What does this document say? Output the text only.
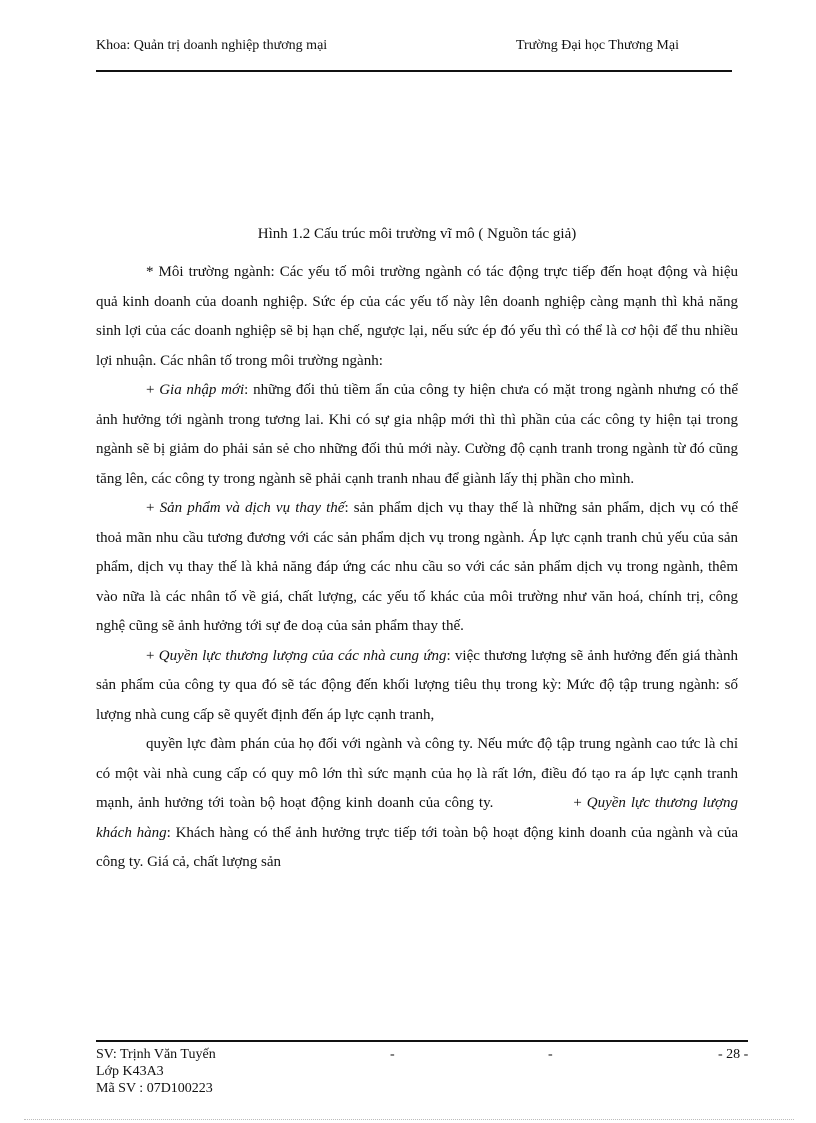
Khoa: Quản trị doanh nghiệp thương mại	Trường Đại học Thương Mại
Hình 1.2 Cấu trúc môi trường vĩ mô ( Nguồn tác giả)

* Môi trường ngành: Các yếu tố môi trường ngành có tác động trực tiếp đến hoạt động và hiệu quả kinh doanh của doanh nghiệp. Sức ép của các yếu tố này lên doanh nghiệp càng mạnh thì khả năng sinh lợi của các doanh nghiệp sẽ bị hạn chế, ngược lại, nếu sức ép đó yếu thì có thể là cơ hội để thu nhiều lợi nhuận. Các nhân tố trong môi trường ngành:

+ Gia nhập mới: những đối thủ tiềm ẩn của công ty hiện chưa có mặt trong ngành nhưng có thể ảnh hưởng tới ngành trong tương lai. Khi có sự gia nhập mới thì thì phần của các công ty hiện tại trong ngành sẽ bị giảm do phải sản sẻ cho những đối thủ mới này. Cường độ cạnh tranh trong ngành từ đó cũng tăng lên, các công ty trong ngành sẽ phải cạnh tranh nhau để giành lấy thị phần cho mình.

+ Sản phẩm và dịch vụ thay thế: sản phẩm dịch vụ thay thế là những sản phẩm, dịch vụ có thể thoả mãn nhu cầu tương đương với các sản phẩm dịch vụ trong ngành. Áp lực cạnh tranh chủ yếu của sản phẩm, dịch vụ thay thế là khả năng đáp ứng các nhu cầu so với các sản phẩm dịch vụ trong ngành, thêm vào nữa là các nhân tố về giá, chất lượng, các yếu tố khác của môi trường như văn hoá, chính trị, công nghệ cũng sẽ ảnh hưởng tới sự đe doạ của sản phẩm thay thế.

+ Quyền lực thương lượng của các nhà cung ứng: việc thương lượng sẽ ảnh hưởng đến giá thành sản phẩm của công ty qua đó sẽ tác động đến khối lượng tiêu thụ trong kỳ: Mức độ tập trung ngành: số lượng nhà cung cấp sẽ quyết định đến áp lực cạnh tranh,

quyền lực đàm phán của họ đối với ngành và công ty. Nếu mức độ tập trung ngành cao tức là chỉ có một vài nhà cung cấp có quy mô lớn thì sức mạnh của họ là rất lớn, điều đó tạo ra áp lực cạnh tranh mạnh, ảnh hưởng tới toàn bộ hoạt động kinh doanh của công ty.	+ Quyền lực thương lượng khách hàng: Khách hàng có thể ảnh hưởng trực tiếp tới toàn bộ hoạt động kinh doanh của ngành và của công ty. Giá cả, chất lượng sản

SV: Trịnh Văn Tuyến	-	-	- 28 -
Lớp K43A3
Mã SV : 07D100223
